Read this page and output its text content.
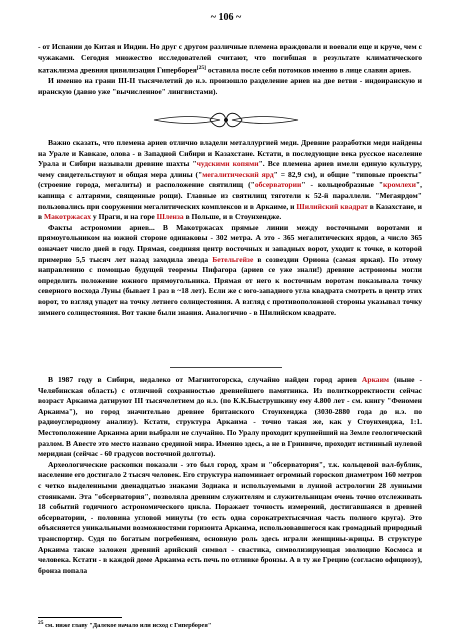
~ 106 ~

- от Испании до Китая и Индии. Но друг с другом различные племена враждовали и воевали еще и круче, чем с чужаками. Сегодня множество исследователей считают, что погибшая в результате климатического катаклизма древняя цивилизация Гиперборея[25] оставила после себя потомков именно в лице славян ариев.

И именно на грани III-II тысячелетий до н.э. произошло разделение ариев на две ветви - индоиранскую и иранскую (давно уже "вычисленное" лингвистами).

Важно сказать, что племена ариев отлично владели металлургией меди. Древние разработки меди найдены на Урале и Кавказе, олова - в Западной Сибири и Казахстане. Кстати, в последующие века русское население Урала и Сибири называли древние шахты "чудскими копями". Все племена ариев имели единую культуру, чему свидетельствуют и общая мера длины ("мегалитический ярд" = 82,9 см), и общие "типовые проекты" (строение города, мегалиты) и расположение святилищ ("обсерватории" - кольцеобразные "кромлехи", капища с алтарями, священные рощи). Главные из святилищ тяготели к 52-й параллели. "Мегаярдом" пользовались при сооружении мегалитических комплексов и в Аркаиме, и Шилийский квадрат в Казахстане, и в Макотржасах у Праги, и на горе Шленза в Польше, и в Стоунхендже.

Факты астрономии ариев... В Макотржасах прямые линии между восточными воротами и прямоугольником на южной стороне одинаковы - 302 метра. А это - 365 мегалитических ярдов, а число 365 означает число дней в году. Прямая, соединяя центр восточных и западных ворот, уходит к точке, в которой примерно 5,5 тысяч лет назад заходила звезда Бетельгейзе в созвездии Ориона (самая яркая). По этому направлению с помощью будущей теоремы Пифагора (ариев се уже знали!) древние астрономы могли определить положение южного прямоугольника. Прямая от него к восточным воротам показывала точку северного восхода Луны (бывает 1 раз в ~18 лет). Если же с юго-западного угла квадрата смотреть в центр этих ворот, то взгляд упадет на точку летнего солнцестояния. А взгляд с противоположной стороны указывал точку зимнего солнцестояния. Вот такие были знания. Аналогично - в Шилийском квадрате.

В 1987 году в Сибири, недалеко от Магнитогорска, случайно найден город ариев Аркаим (ныне - Челябинская область) с отличной сохранностью древнейшего памятника. Из политкорректности сейчас возраст Аркаима датируют III тысячелетием до н.э. (по К.К.Быструшкину ему 4.800 лет - см. книгу "Феномен Аркаима"), но город значительно древнее британского Стоунхенджа (3030-2880 года до н.э. по радиоуглеродному анализу). Кстати, структура Аркаима - точно такая же, как у Стоунхенджа, 1:1. Местоположение Аркаима арии выбрали не случайно. По Уралу проходит крупнейший на Земле геологический разлом. В Авесте это место названо срединой мира. Именно здесь, а не в Гринвиче, проходит истинный нулевой меридиан (сейчас - 60 градусов восточной долготы).

Археологические раскопки показали - это был город, храм и "обсерватория", т.к. кольцевой вал-бублик, население его достигало 2 тысяч человек. Его структура напоминает огромный гороскоп диаметром 160 метров с четко выделенными двенадцатью знаками Зодиака и используемыми в лунной астрологии 28 лунными стоянками. Эта "обсерватория", позволяла древним служителям и служительницам очень точно отслеживать 18 событий годичного астрономического цикла. Поражает точность измерений, достигавшаяся в древней обсерватории, - половина угловой минуты (то есть одна сорокатрехтысячная часть полного круга). Это объясняется уникальными возможностями горизонта Аркаима, использовавшегося как громадный природный транспортир. Судя по богатым погребениям, основную роль здесь играли женщины-жрицы. В структуре Аркаима также заложен древний арийский символ - свастика, символизирующая эволюцию Космоса и человека. Кстати - в каждой доме Аркаима есть печь по отливке бронзы. А в ту же Грецию (согласно официозу), бронза попала

25 см. ниже главу "Далекое начало или исход с Гиперборея"
